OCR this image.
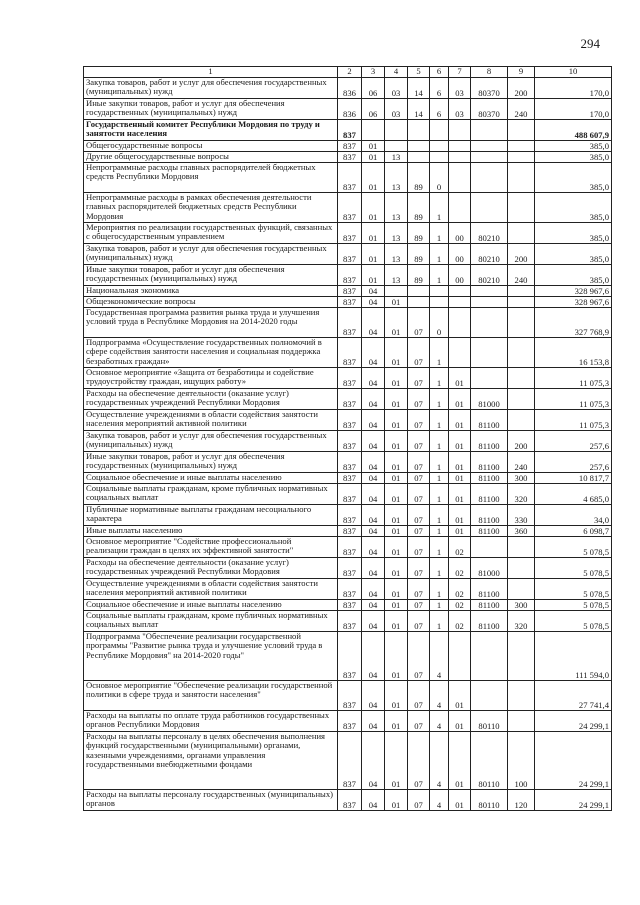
294
1	2	3	4	5	6	7	8	9	10
Закупка товаров, работ и услуг для обеспечения государственных (муниципальных) нужд	836	06	03	14	6	03	80370	200	170,0
Иные закупки товаров, работ и услуг для обеспечения государственных (муниципальных) нужд	836	06	03	14	6	03	80370	240	170,0
Государственный комитет Республики Мордовия по труду и занятости населения	837								488 607,9
Общегосударственные вопросы	837	01							385,0
Другие общегосударственные вопросы	837	01	13						385,0
Непрограммные расходы главных распорядителей бюджетных средств Республики Мордовия	837	01	13	89	0				385,0
Непрограммные расходы в рамках обеспечения деятельности главных распорядителей бюджетных средств Республики Мордовия	837	01	13	89	1				385,0
Мероприятия по реализации государственных функций, связанных с общегосударственным управлением	837	01	13	89	1	00	80210		385,0
Закупка товаров, работ и услуг для обеспечения государственных (муниципальных) нужд	837	01	13	89	1	00	80210	200	385,0
Иные закупки товаров, работ и услуг для обеспечения государственных (муниципальных) нужд	837	01	13	89	1	00	80210	240	385,0
Национальная экономика	837	04							328 967,6
Общеэкономические вопросы	837	04	01						328 967,6
Государственная программа развития рынка труда и улучшения условий труда в Республике Мордовия на 2014-2020 годы	837	04	01	07	0				327 768,9
Подпрограмма «Осуществление государственных полномочий в сфере содействия занятости населения и социальная поддержка безработных граждан»	837	04	01	07	1				16 153,8
Основное мероприятие «Защита от безработицы и содействие трудоустройству граждан, ищущих работу»	837	04	01	07	1	01			11 075,3
Расходы на обеспечение деятельности (оказание услуг) государственных учреждений Республики Мордовия	837	04	01	07	1	01	81000		11 075,3
Осуществление учреждениями в области содействия занятости населения мероприятий активной политики	837	04	01	07	1	01	81100		11 075,3
Закупка товаров, работ и услуг для обеспечения государственных (муниципальных) нужд	837	04	01	07	1	01	81100	200	257,6
Иные закупки товаров, работ и услуг для обеспечения государственных (муниципальных) нужд	837	04	01	07	1	01	81100	240	257,6
Социальное обеспечение и иные выплаты населению	837	04	01	07	1	01	81100	300	10 817,7
Социальные выплаты гражданам, кроме публичных нормативных социальных выплат	837	04	01	07	1	01	81100	320	4 685,0
Публичные нормативные выплаты гражданам несоциального характера	837	04	01	07	1	01	81100	330	34,0
Иные выплаты населению	837	04	01	07	1	01	81100	360	6 098,7
Основное мероприятие "Содействие профессиональной реализации граждан в целях их эффективной занятости"	837	04	01	07	1	02			5 078,5
Расходы на обеспечение деятельности (оказание услуг) государственных учреждений Республики Мордовия	837	04	01	07	1	02	81000		5 078,5
Осуществление учреждениями в области содействия занятости населения мероприятий активной политики	837	04	01	07	1	02	81100		5 078,5
Социальное обеспечение и иные выплаты населению	837	04	01	07	1	02	81100	300	5 078,5
Социальные выплаты гражданам, кроме публичных нормативных социальных выплат	837	04	01	07	1	02	81100	320	5 078,5
Подпрограмма "Обеспечение реализации государственной программы "Развитие рынка труда и улучшение условий труда в Республике Мордовия" на 2014-2020 годы"	837	04	01	07	4				111 594,0
Основное мероприятие "Обеспечение реализации государственной политики в сфере труда и занятости населения"	837	04	01	07	4	01			27 741,4
Расходы на выплаты по оплате труда работников государственных органов Республики Мордовия	837	04	01	07	4	01	80110		24 299,1
Расходы на выплаты персоналу в целях обеспечения выполнения функций государственными (муниципальными) органами, казенными учреждениями, органами управления государственными внебюджетными фондами	837	04	01	07	4	01	80110	100	24 299,1
Расходы на выплаты персоналу государственных (муниципальных) органов	837	04	01	07	4	01	80110	120	24 299,1
